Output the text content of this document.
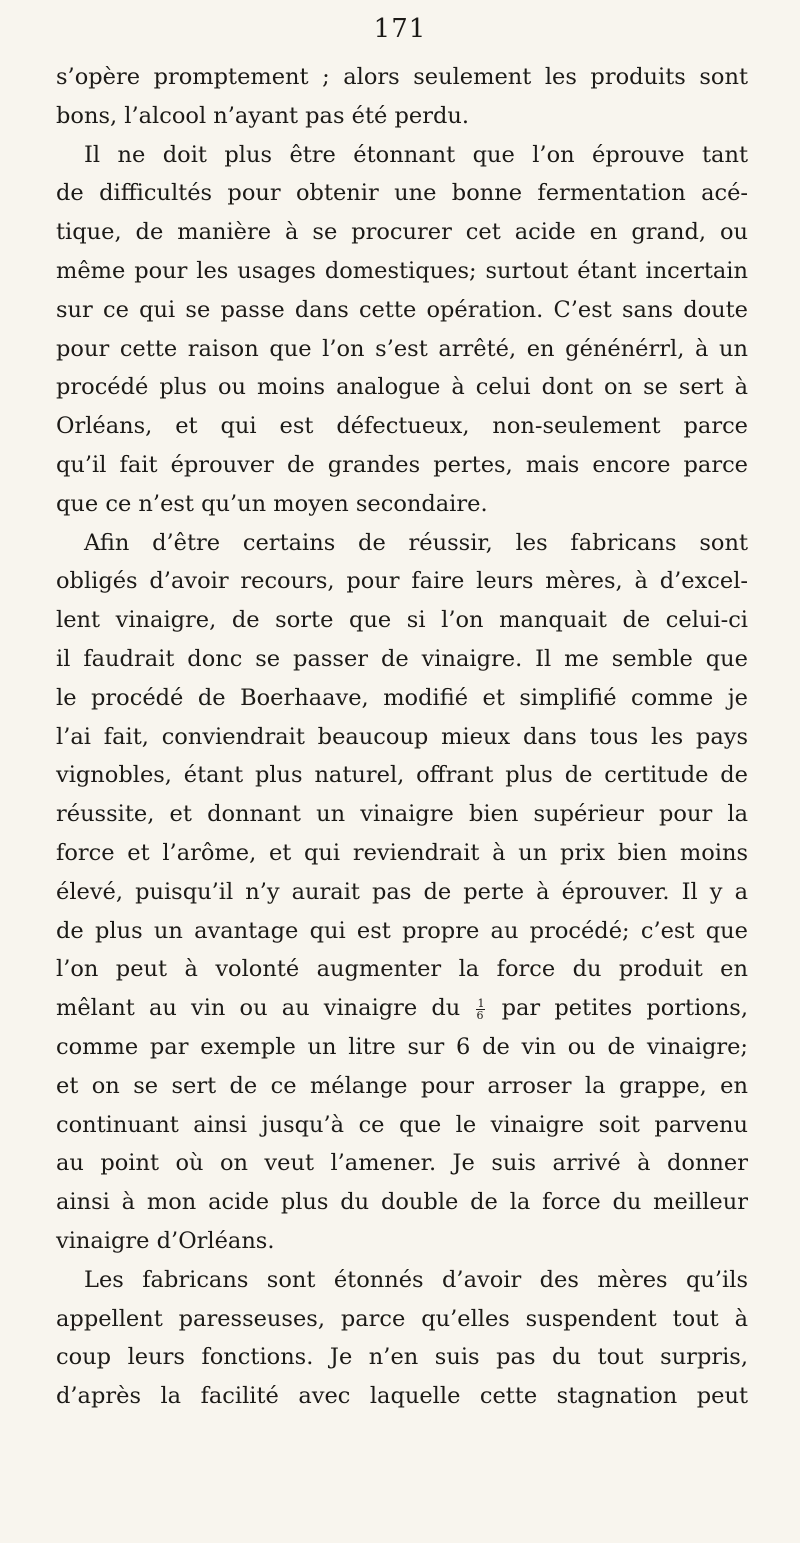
171
s’opère promptement ; alors seulement les produits sont
bons, l’alcool n’ayant pas été perdu.
Il ne doit plus être étonnant que l’on éprouve tant
de difficultés pour obtenir une bonne fermentation acé-
tique, de manière à se procurer cet acide en grand, ou
même pour les usages domestiques; surtout étant incertain
sur ce qui se passe dans cette opération. C’est sans doute
pour cette raison que l’on s’est arrêté, en génénérrl, à un
procédé plus ou moins analogue à celui dont on se sert à
Orléans, et qui est défectueux, non-seulement parce
qu’il fait éprouver de grandes pertes, mais encore parce
que ce n’est qu’un moyen secondaire.
Afin d’être certains de réussir, les fabricans sont
obligés d’avoir recours, pour faire leurs mères, à d’excel-
lent vinaigre, de sorte que si l’on manquait de celui-ci
il faudrait donc se passer de vinaigre. Il me semble que
le procédé de Boerhaave, modifié et simplifié comme je
l’ai fait, conviendrait beaucoup mieux dans tous les pays
vignobles, étant plus naturel, offrant plus de certitude de
réussite, et donnant un vinaigre bien supérieur pour la
force et l’arôme, et qui reviendrait à un prix bien moins
élevé, puisqu’il n’y aurait pas de perte à éprouver. Il y a
de plus un avantage qui est propre au procédé; c’est que
l’on peut à volonté augmenter la force du produit en
mêlant au vin ou au vinaigre du $\frac{1}{6}$ par petites portions,
comme par exemple un litre sur 6 de vin ou de vinaigre;
et on se sert de ce mélange pour arroser la grappe, en
continuant ainsi jusqu’à ce que le vinaigre soit parvenu
au point où on veut l’amener. Je suis arrivé à donner
ainsi à mon acide plus du double de la force du meilleur
vinaigre d’Orléans.
Les fabricans sont étonnés d’avoir des mères qu’ils
appellent paresseuses, parce qu’elles suspendent tout à
coup leurs fonctions. Je n’en suis pas du tout surpris,
d’après la facilité avec laquelle cette stagnation peut
